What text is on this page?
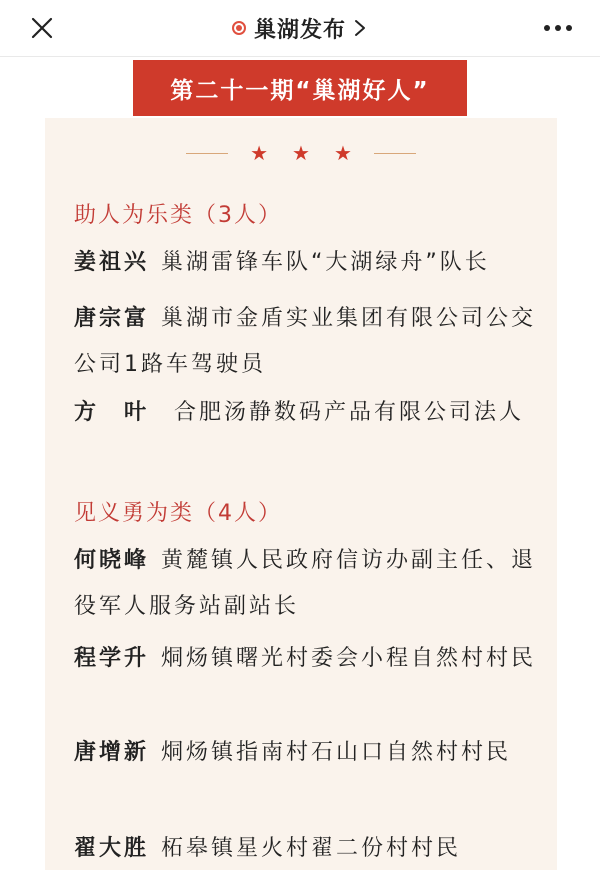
巢湖发布
第二十一期“巢湖好人”
★ ★ ★
助人为乐类（3人）
姜祖兴 巢湖雷锋车队“大湖绿舟”队长
唐宗富 巢湖市金盾实业集团有限公司公交公司1路车驾驶员
方叶合肥汤静数码产品有限公司法人
见义勇为类（4人）
何晓峰 黄麓镇人民政府信访办副主任、退役军人服务站副站长
程学升 烔炀镇曙光村委会小程自然村村民
唐增新 烔炀镇指南村石山口自然村村民
翟大胜 柘皋镇星火村翟二份村村民
